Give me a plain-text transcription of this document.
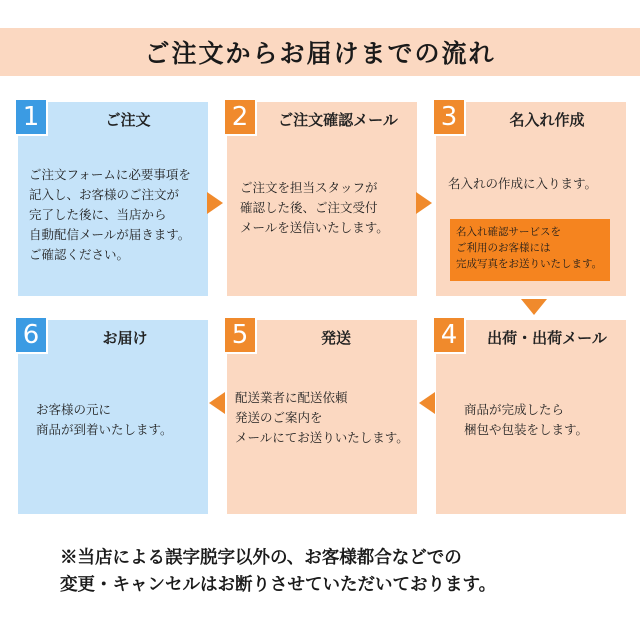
ご注文からお届けまでの流れ
1	ご注文
ご注文フォームに必要事項を
記入し、お客様のご注文が
完了した後に、当店から
自動配信メールが届きます。
ご確認ください。
2	ご注文確認メール
ご注文を担当スタッフが
確認した後、ご注文受付
メールを送信いたします。
3	名入れ作成
名入れの作成に入ります。
名入れ確認サービスを
ご利用のお客様には
完成写真をお送りいたします。
4	出荷・出荷メール
商品が完成したら
梱包や包装をします。
5	発送
配送業者に配送依頼
発送のご案内を
メールにてお送りいたします。
6	お届け
お客様の元に
商品が到着いたします。
※当店による誤字脱字以外の、お客様都合などでの
変更・キャンセルはお断りさせていただいております。
